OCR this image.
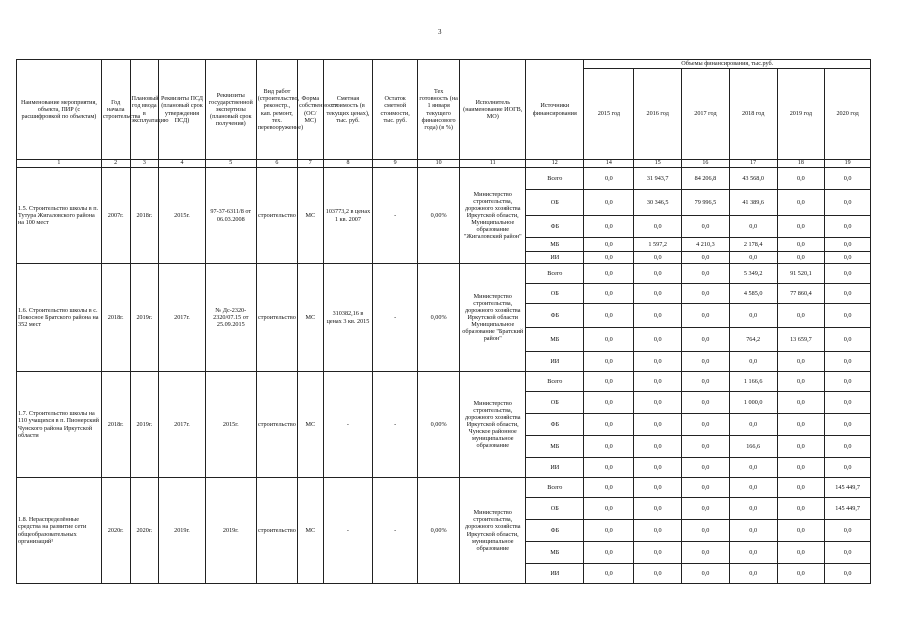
3
Наименование мероприятия, объекта, ПИР (с расшифровкой по объектам)	Год начала строительства	Плановый год ввода в эксплуатацию	Реквизиты ПСД (плановый срок утверждения ПСД)	Реквизиты государственной экспертизы (плановый срок получения)	Вид работ (строительство, реконстр., кап. ремонт, тех. перевооружение)	Форма собственности (ОС/МС)	Сметная стоимость (в текущих ценах), тыс. руб.	Остаток сметной стоимости, тыс. руб.	Тех готовность (на 1 января текущего финансового года) (в %)	Исполнитель (наименование ИОГВ, МО)	Источники финансирования	Объемы финансирования, тыс.руб.					
												2015 год	2016 год	2017 год	2018 год	2019 год	2020 год
1	2	3	4	5	6	7	8	9	10	11	12	14	15	16	17	18	19
1.5. Строительство школы в п. Тутура Жигаловского района на 100 мест	2007г.	2018г.	2015г.	97-37-6311/8 от 06.03.2008	строительство	МС	103773,2 в ценах 1 кв. 2007	-	0,00%	Министерство строительства, дорожного хозяйства Иркутской области, Муниципальное образование "Жигаловский район"	Всего	0,0	31 943,7	84 206,8	43 568,0	0,0	0,0
											ОБ	0,0	30 346,5	79 996,5	41 389,6	0,0	0,0
											ФБ	0,0	0,0	0,0	0,0	0,0	0,0
											МБ	0,0	1 597,2	4 210,3	2 178,4	0,0	0,0
											ИИ	0,0	0,0	0,0	0,0	0,0	0,0
1.6. Строительство школы в с. Покосное Братского района на 352 мест	2018г.	2019г.	2017г.	№ Дс-2320-2320/07.15 от 25.09.2015	строительство	МС	310382,16 в ценах 3 кв. 2015	-	0,00%	Министерство строительства, дорожного хозяйства Иркутской области Муниципальное образование "Братский район"	Всего	0,0	0,0	0,0	5 349,2	91 520,1	0,0
											ОБ	0,0	0,0	0,0	4 585,0	77 860,4	0,0
											ФБ	0,0	0,0	0,0	0,0	0,0	0,0
											МБ	0,0	0,0	0,0	764,2	13 659,7	0,0
											ИИ	0,0	0,0	0,0	0,0	0,0	0,0
1.7. Строительство школы на 110 учащихся в п. Пионерский Чунского района Иркутской области	2018г.	2019г.	2017г.	2015г.	строительство	МС	-	-	0,00%	Министерство строительства, дорожного хозяйства Иркутской области, Чунское районное муниципальное образование	Всего	0,0	0,0	0,0	1 166,6	0,0	0,0
											ОБ	0,0	0,0	0,0	1 000,0	0,0	0,0
											ФБ	0,0	0,0	0,0	0,0	0,0	0,0
											МБ	0,0	0,0	0,0	166,6	0,0	0,0
											ИИ	0,0	0,0	0,0	0,0	0,0	0,0
1.8. Нераспределённые средства на развитие сети общеобразовательных организаций¹	2020г.	2020г.	2019г.	2019г.	строительство	МС	-	-	0,00%	Министерство строительства, дорожного хозяйства Иркутской области, муниципальное образование	Всего	0,0	0,0	0,0	0,0	0,0	145 449,7
											ОБ	0,0	0,0	0,0	0,0	0,0	145 449,7
											ФБ	0,0	0,0	0,0	0,0	0,0	0,0
											МБ	0,0	0,0	0,0	0,0	0,0	0,0
											ИИ	0,0	0,0	0,0	0,0	0,0	0,0
